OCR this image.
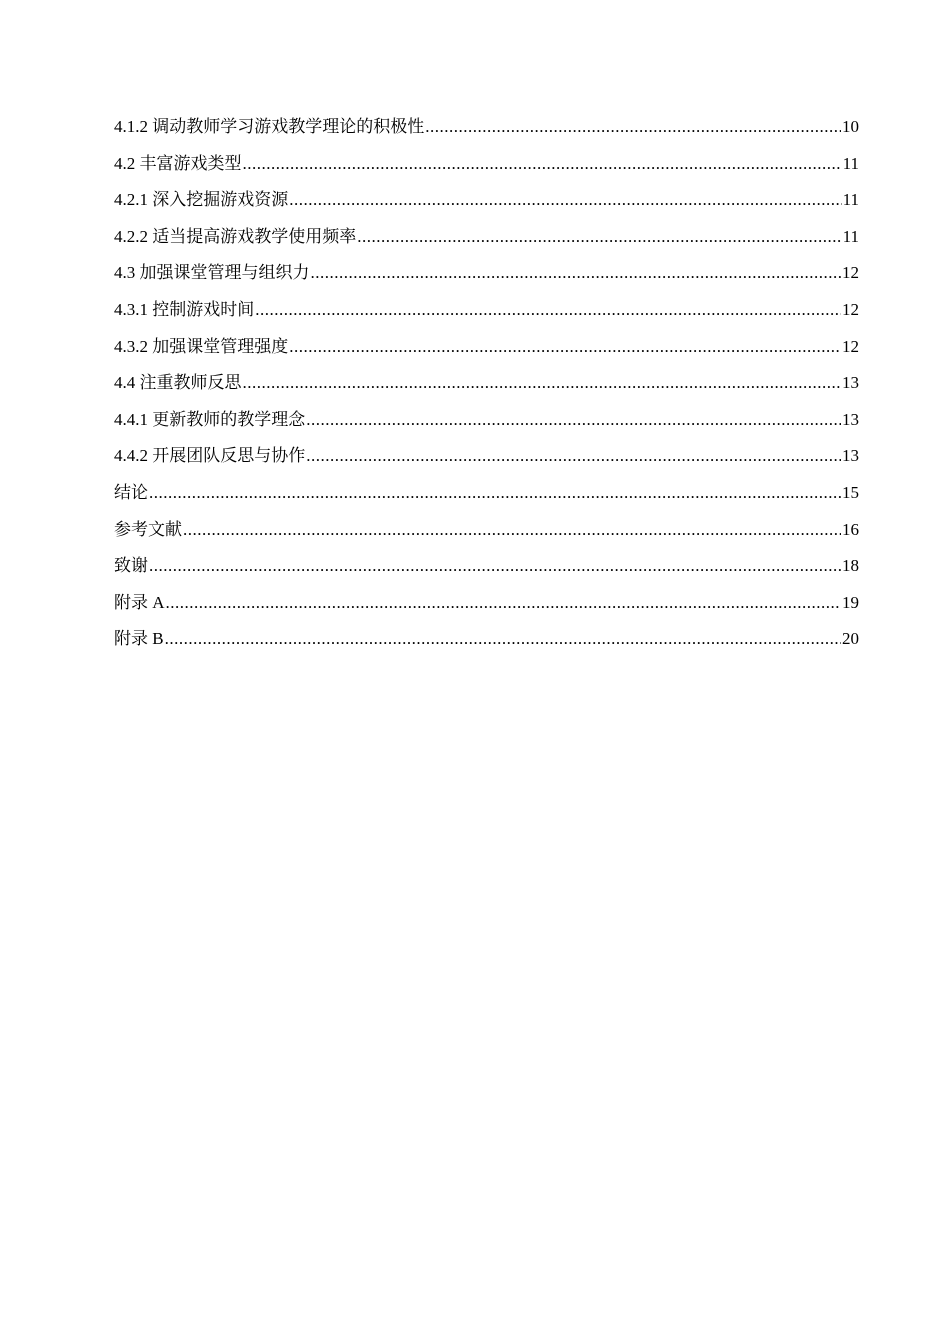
4.1.2 调动教师学习游戏教学理论的积极性 .....	10
4.2 丰富游戏类型 .....	11
4.2.1 深入挖掘游戏资源 .....	11
4.2.2 适当提高游戏教学使用频率 .....	11
4.3 加强课堂管理与组织力 .....	12
4.3.1 控制游戏时间 .....	12
4.3.2 加强课堂管理强度 .....	12
4.4 注重教师反思 .....	13
4.4.1 更新教师的教学理念 .....	13
4.4.2 开展团队反思与协作 .....	13
结论 .....	15
参考文献 .....	16
致谢 .....	18
附录 A .....	19
附录 B .....	20
